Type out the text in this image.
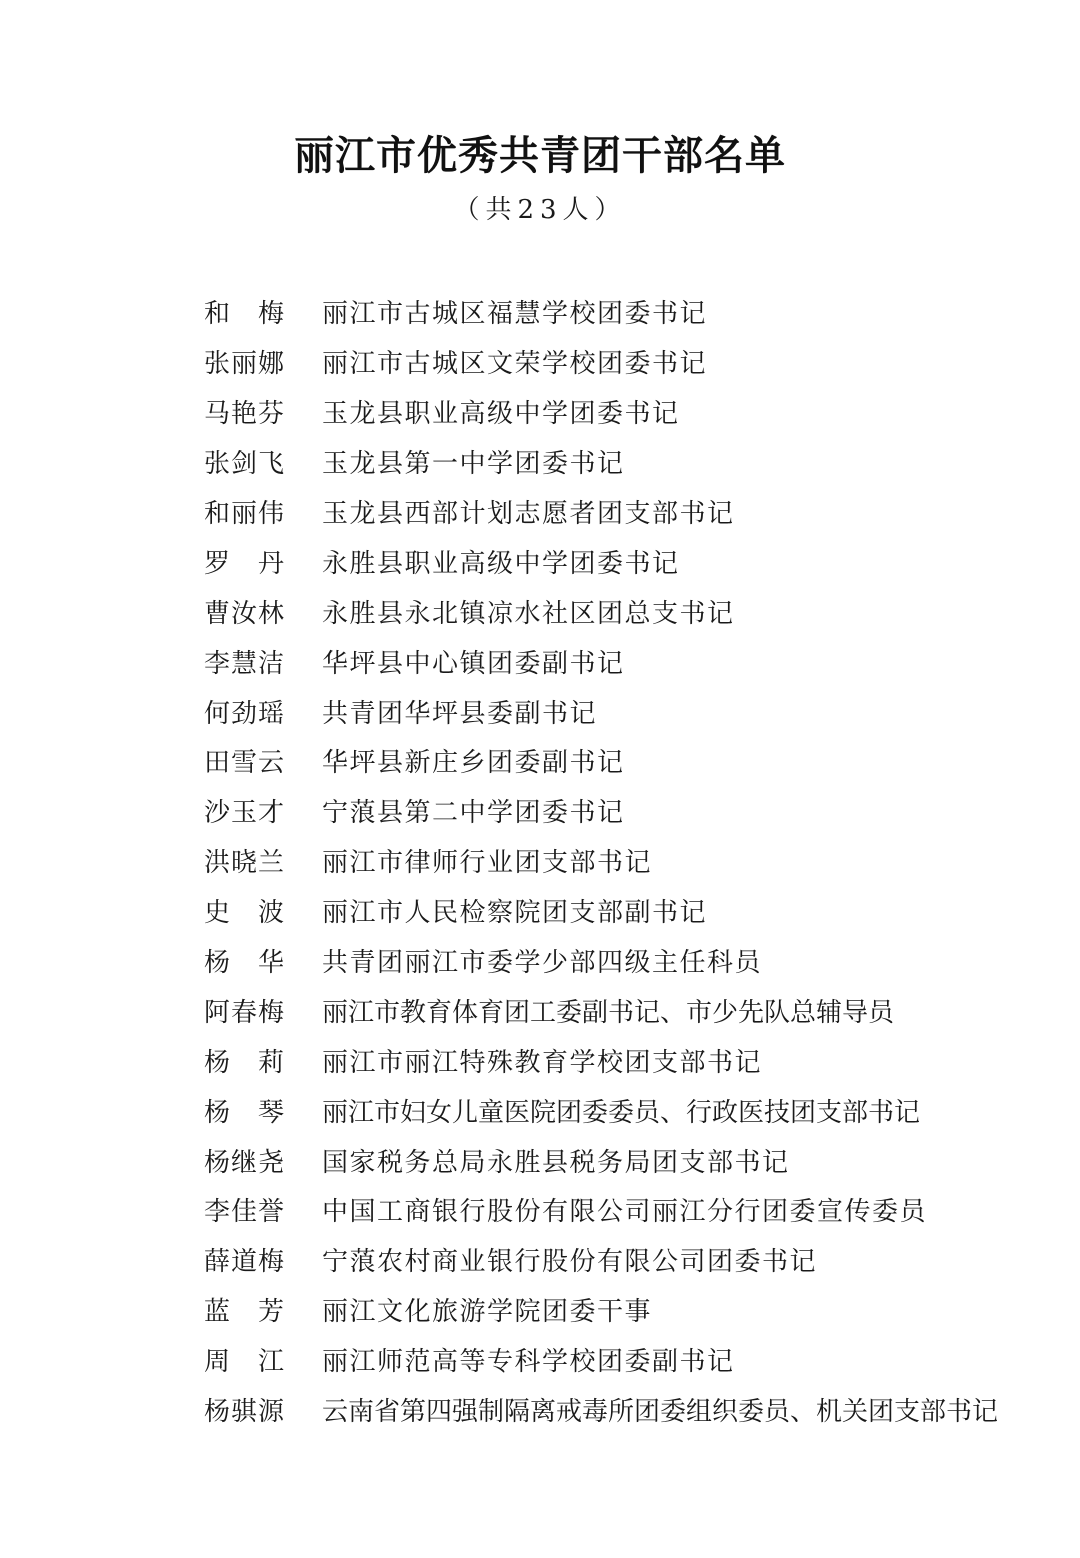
丽江市优秀共青团干部名单
（共23人）
和　梅	丽江市古城区福慧学校团委书记
张丽娜	丽江市古城区文荣学校团委书记
马艳芬	玉龙县职业高级中学团委书记
张剑飞	玉龙县第一中学团委书记
和丽伟	玉龙县西部计划志愿者团支部书记
罗　丹	永胜县职业高级中学团委书记
曹汝林	永胜县永北镇凉水社区团总支书记
李慧洁	华坪县中心镇团委副书记
何劲瑶	共青团华坪县委副书记
田雪云	华坪县新庄乡团委副书记
沙玉才	宁蒗县第二中学团委书记
洪晓兰	丽江市律师行业团支部书记
史　波	丽江市人民检察院团支部副书记
杨　华	共青团丽江市委学少部四级主任科员
阿春梅	丽江市教育体育团工委副书记、市少先队总辅导员
杨　莉	丽江市丽江特殊教育学校团支部书记
杨　琴	丽江市妇女儿童医院团委委员、行政医技团支部书记
杨继尧	国家税务总局永胜县税务局团支部书记
李佳誉	中国工商银行股份有限公司丽江分行团委宣传委员
薛道梅	宁蒗农村商业银行股份有限公司团委书记
蓝　芳	丽江文化旅游学院团委干事
周　江	丽江师范高等专科学校团委副书记
杨骐源	云南省第四强制隔离戒毒所团委组织委员、机关团支部书记
